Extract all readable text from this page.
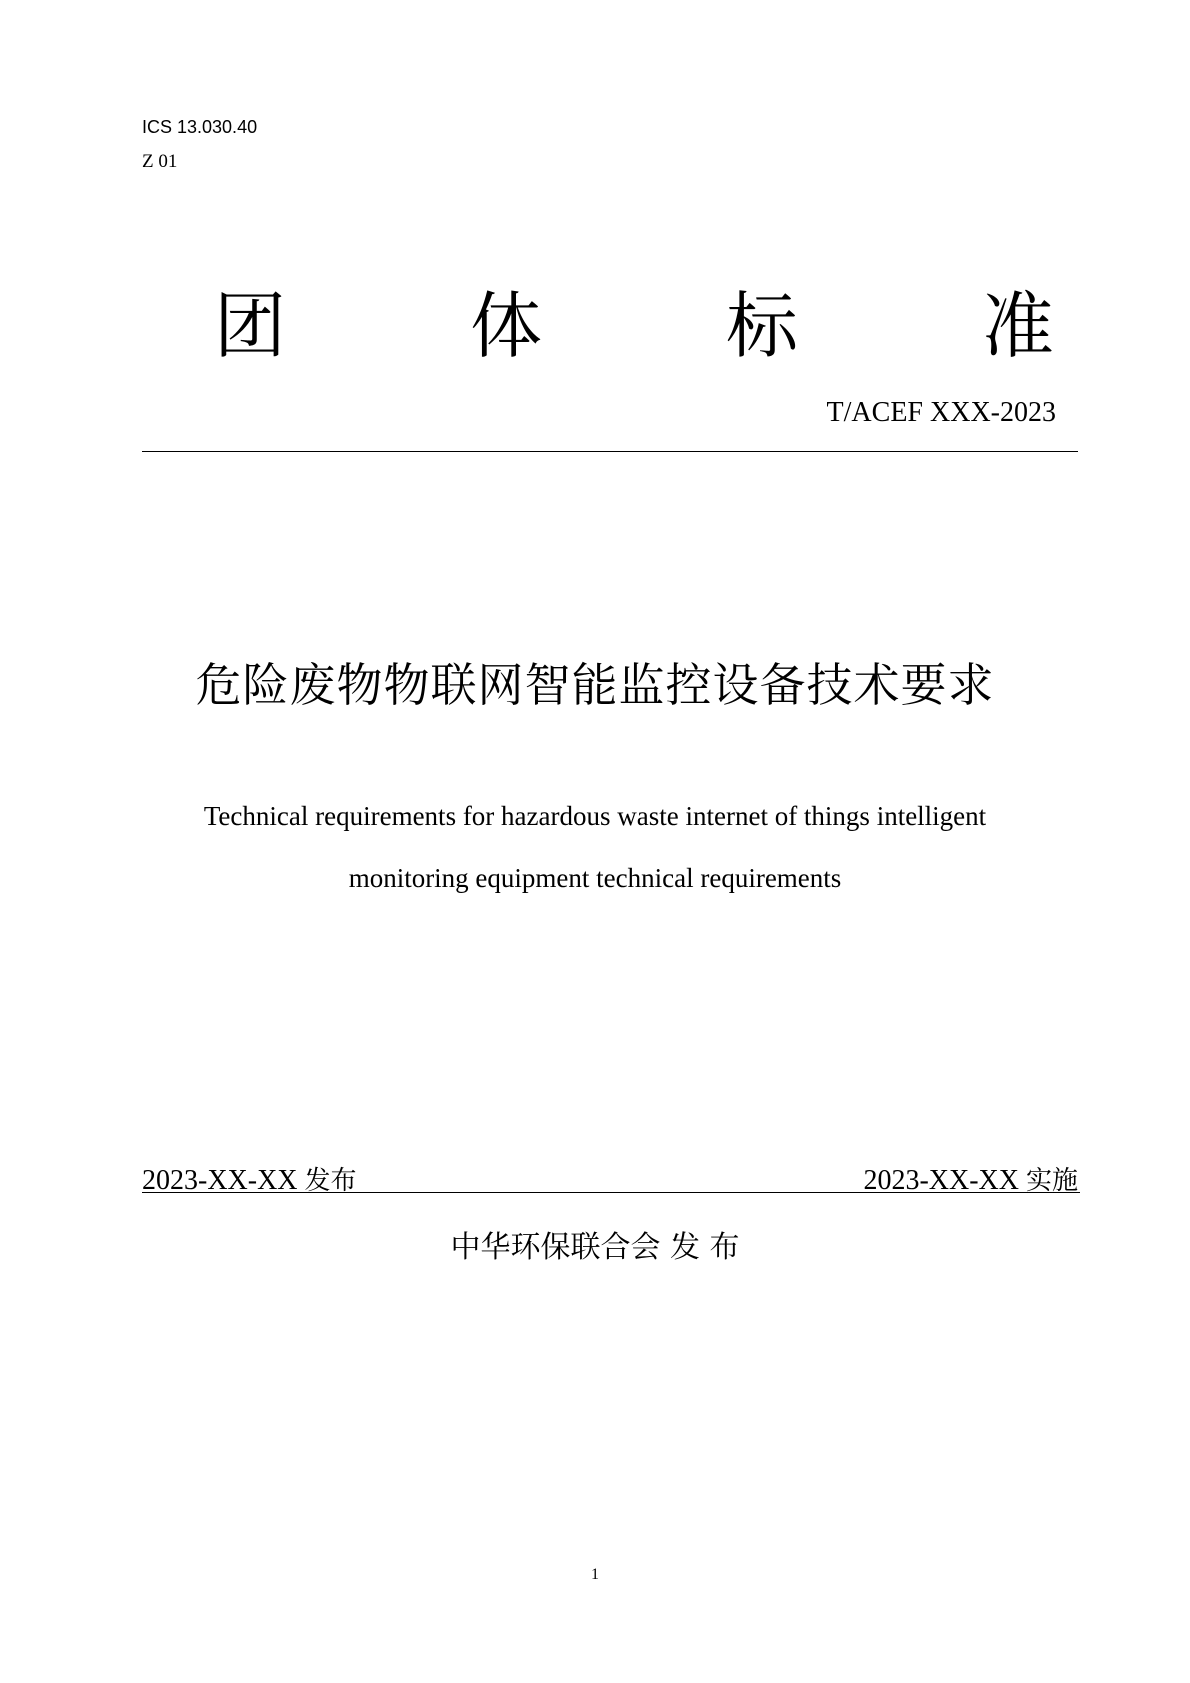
ICS 13.030.40
Z 01
团	体	标	准
T/ACEF XXX-2023
危险废物物联网智能监控设备技术要求
Technical requirements for hazardous waste internet of things intelligent
monitoring equipment technical requirements
2023-XX-XX 发布	2023-XX-XX 实施
中华环保联合会 发 布
1
